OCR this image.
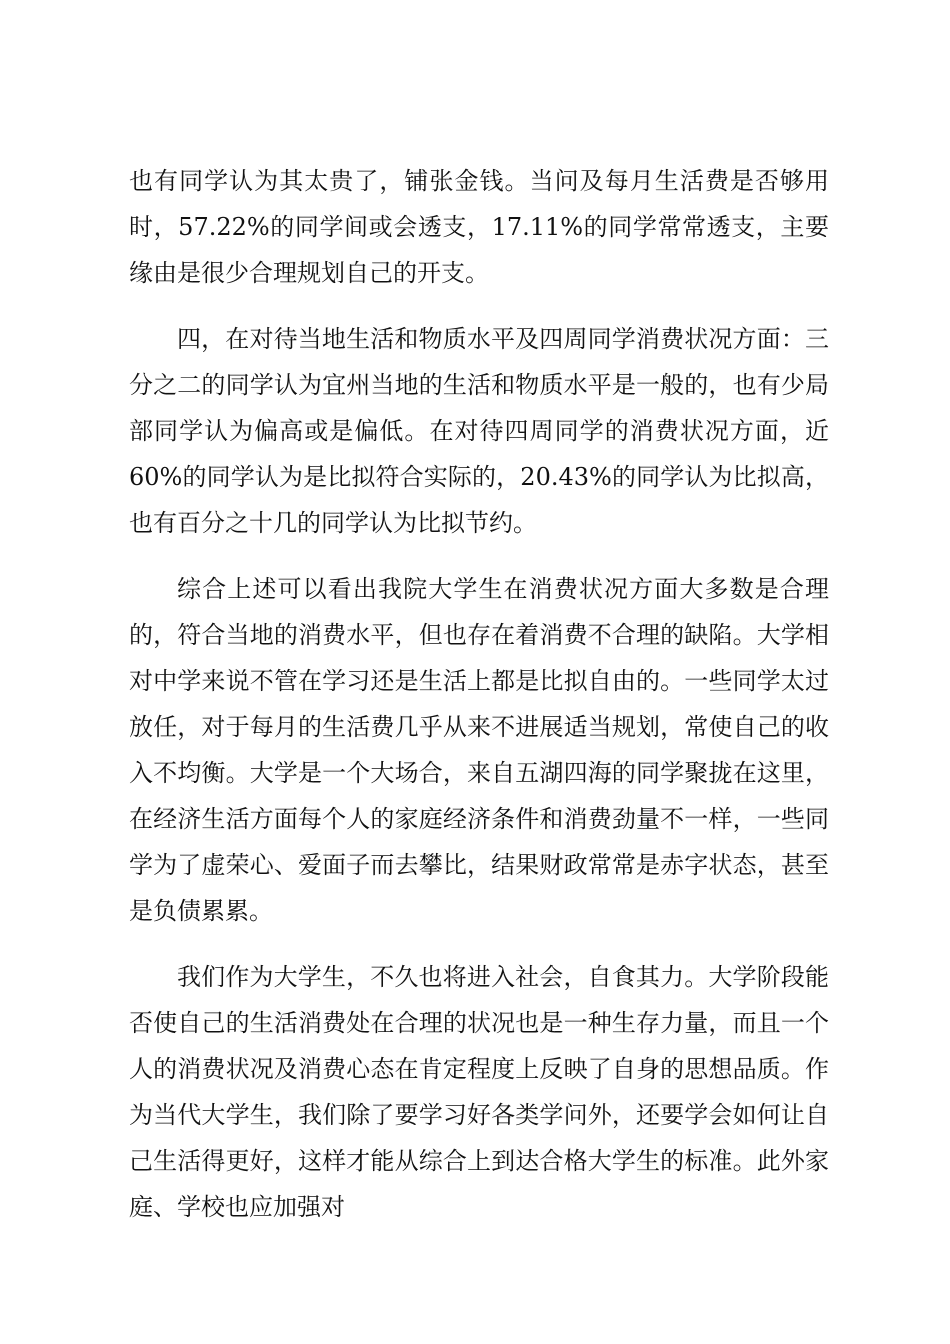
也有同学认为其太贵了，铺张金钱。当问及每月生活费是否够用时，57.22%的同学间或会透支，17.11%的同学常常透支，主要缘由是很少合理规划自己的开支。

四，在对待当地生活和物质水平及四周同学消费状况方面：三分之二的同学认为宜州当地的生活和物质水平是一般的，也有少局部同学认为偏高或是偏低。在对待四周同学的消费状况方面，近60%的同学认为是比拟符合实际的，20.43%的同学认为比拟高，也有百分之十几的同学认为比拟节约。

综合上述可以看出我院大学生在消费状况方面大多数是合理的，符合当地的消费水平，但也存在着消费不合理的缺陷。大学相对中学来说不管在学习还是生活上都是比拟自由的。一些同学太过放任，对于每月的生活费几乎从来不进展适当规划，常使自己的收入不均衡。大学是一个大场合，来自五湖四海的同学聚拢在这里，在经济生活方面每个人的家庭经济条件和消费劲量不一样，一些同学为了虚荣心、爱面子而去攀比，结果财政常常是赤字状态，甚至是负债累累。

我们作为大学生，不久也将进入社会，自食其力。大学阶段能否使自己的生活消费处在合理的状况也是一种生存力量，而且一个人的消费状况及消费心态在肯定程度上反映了自身的思想品质。作为当代大学生，我们除了要学习好各类学问外，还要学会如何让自己生活得更好，这样才能从综合上到达合格大学生的标准。此外家庭、学校也应加强对
